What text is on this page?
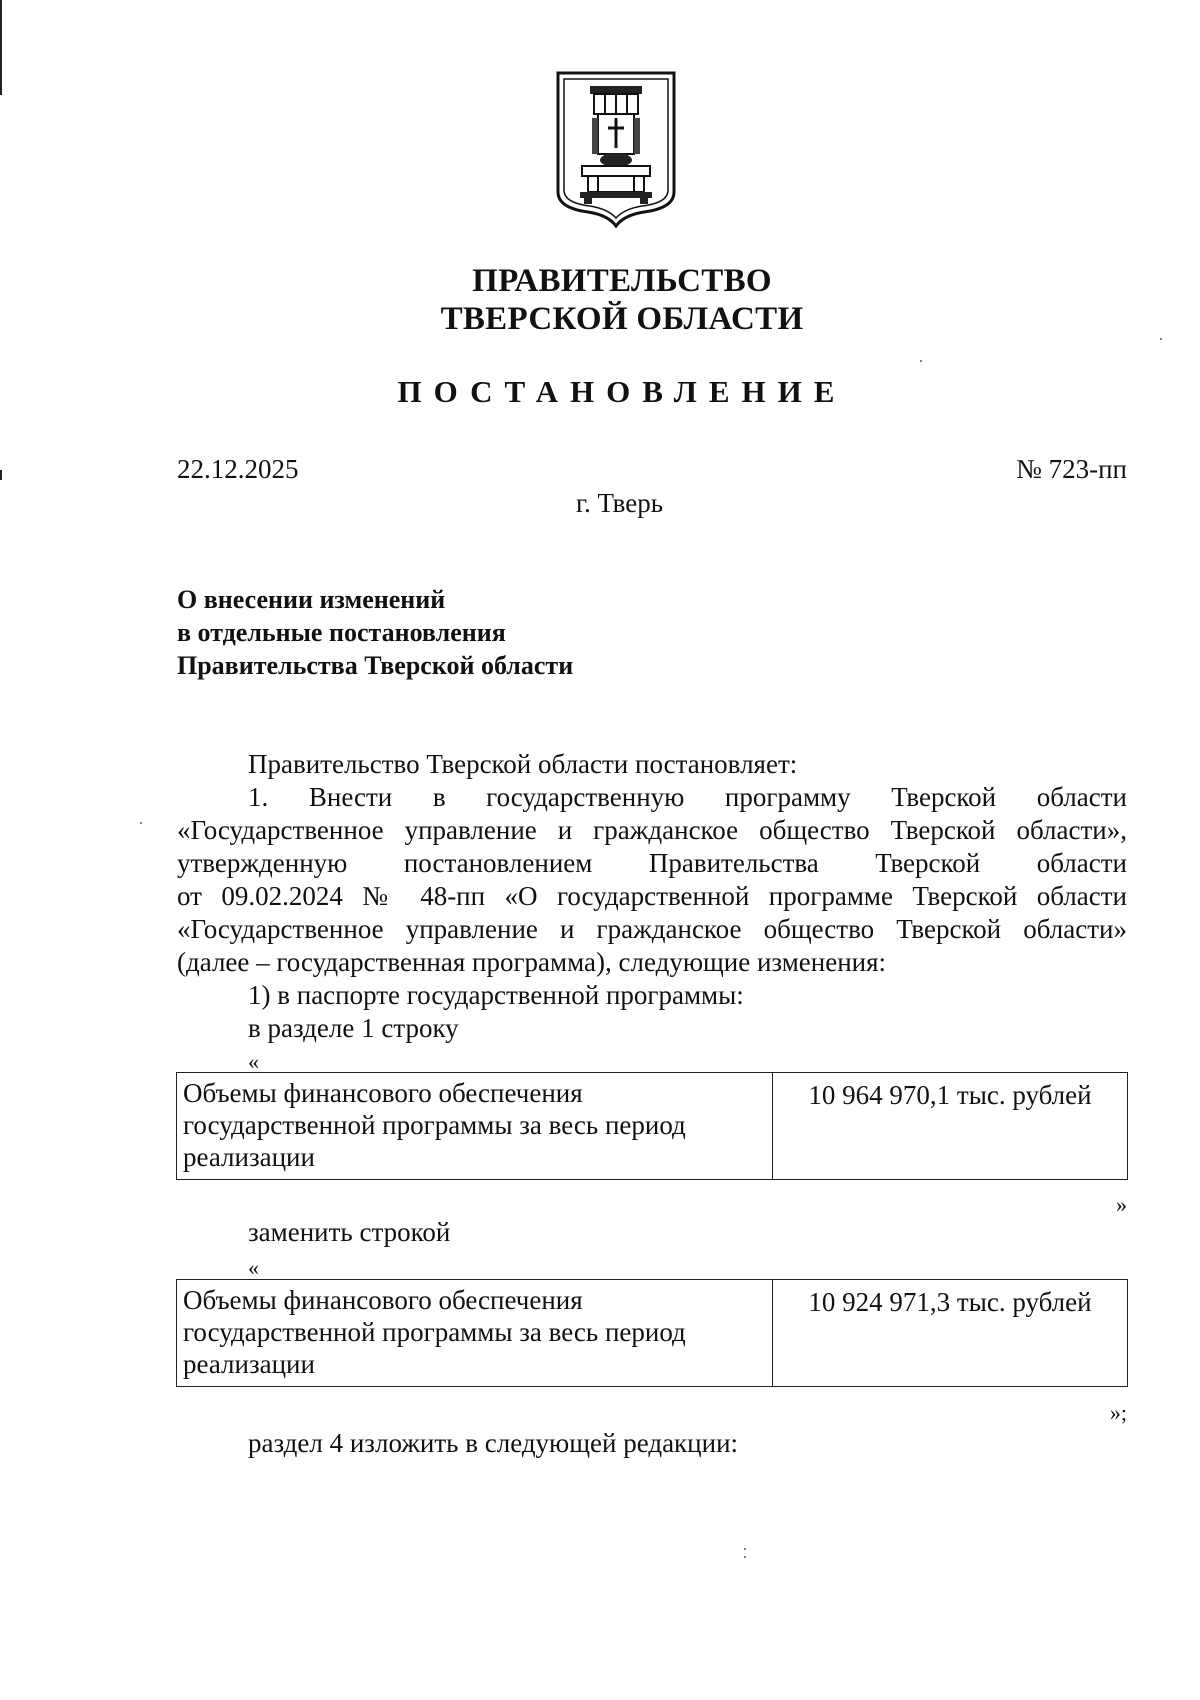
ПРАВИТЕЛЬСТВО
ТВЕРСКОЙ ОБЛАСТИ
ПОСТАНОВЛЕНИЕ
22.12.2025	№ 723-пп
г. Тверь
О внесении изменений
в отдельные постановления
Правительства Тверской области
Правительство Тверской области постановляет:
1. Внести в государственную программу Тверской области
«Государственное управление и гражданское общество Тверской области»,
утвержденную постановлением Правительства Тверской области
от 09.02.2024 № 48-пп «О государственной программе Тверской области
«Государственное управление и гражданское общество Тверской области»
(далее – государственная программа), следующие изменения:
1) в паспорте государственной программы:
в разделе 1 строку
«
Объемы финансового обеспечения
государственной программы за весь период
реализации
	10 964 970,1 тыс. рублей
»
заменить строкой
«
Объемы финансового обеспечения
государственной программы за весь период
реализации
	10 924 971,3 тыс. рублей
»;
раздел 4 изложить в следующей редакции:
